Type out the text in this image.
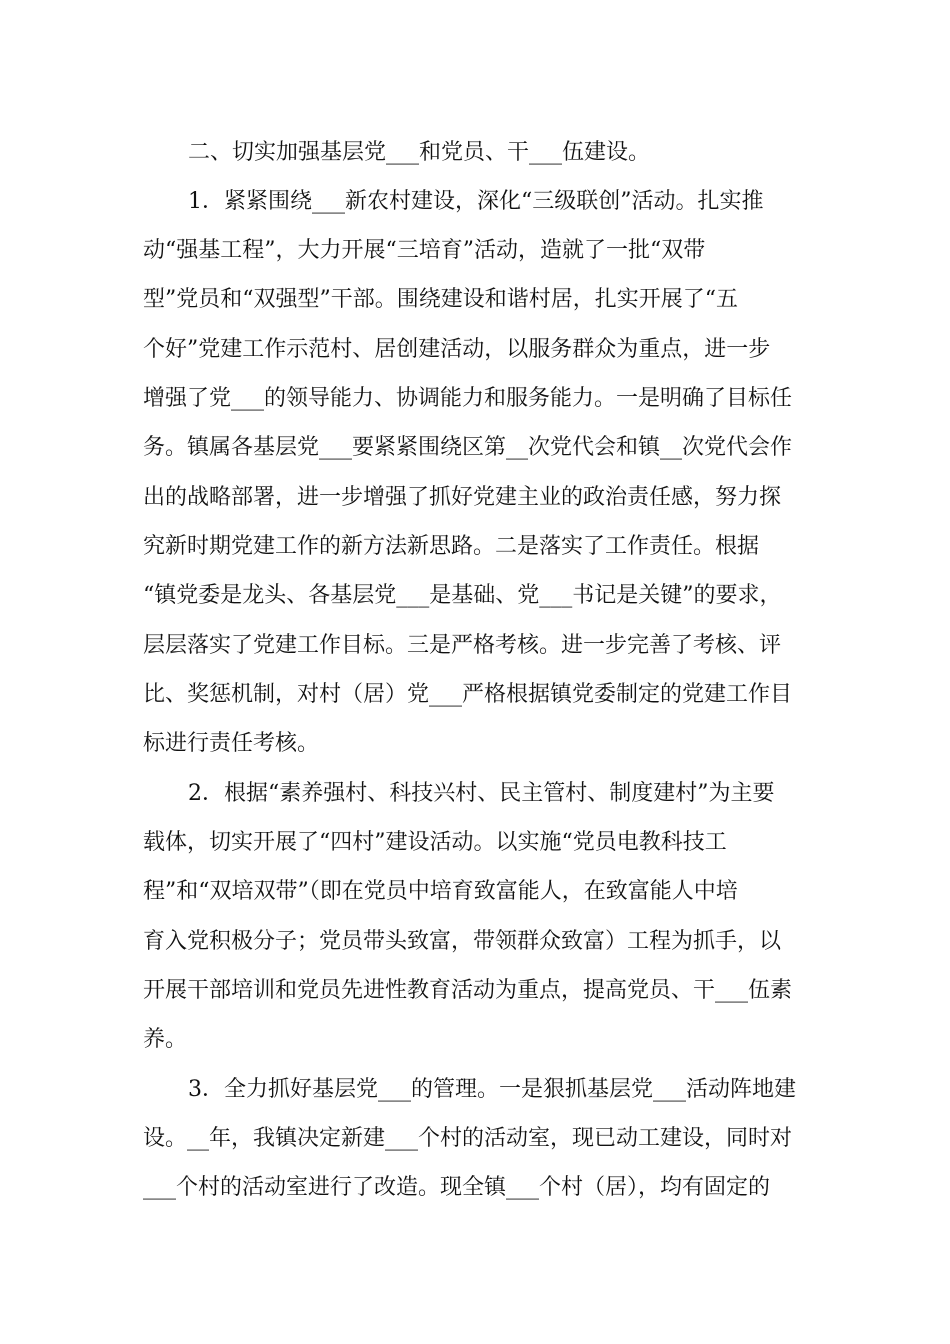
二、切实加强基层党___和党员、干___伍建设。
1．紧紧围绕___新农村建设，深化“三级联创”活动。扎实推
动“强基工程”，大力开展“三培育”活动，造就了一批“双带
型”党员和“双强型”干部。围绕建设和谐村居，扎实开展了“五
个好”党建工作示范村、居创建活动，以服务群众为重点，进一步
增强了党___的领导能力、协调能力和服务能力。一是明确了目标任
务。镇属各基层党___要紧紧围绕区第__次党代会和镇__次党代会作
出的战略部署，进一步增强了抓好党建主业的政治责任感，努力探
究新时期党建工作的新方法新思路。二是落实了工作责任。根据
“镇党委是龙头、各基层党___是基础、党___书记是关键”的要求，
层层落实了党建工作目标。三是严格考核。进一步完善了考核、评
比、奖惩机制，对村（居）党___严格根据镇党委制定的党建工作目
标进行责任考核。
2．根据“素养强村、科技兴村、民主管村、制度建村”为主要
载体，切实开展了“四村”建设活动。以实施“党员电教科技工
程”和“双培双带”（即在党员中培育致富能人，在致富能人中培
育入党积极分子；党员带头致富，带领群众致富）工程为抓手，以
开展干部培训和党员先进性教育活动为重点，提高党员、干___伍素
养。
3．全力抓好基层党___的管理。一是狠抓基层党___活动阵地建
设。__年，我镇决定新建___个村的活动室，现已动工建设，同时对
___个村的活动室进行了改造。现全镇___个村（居），均有固定的
